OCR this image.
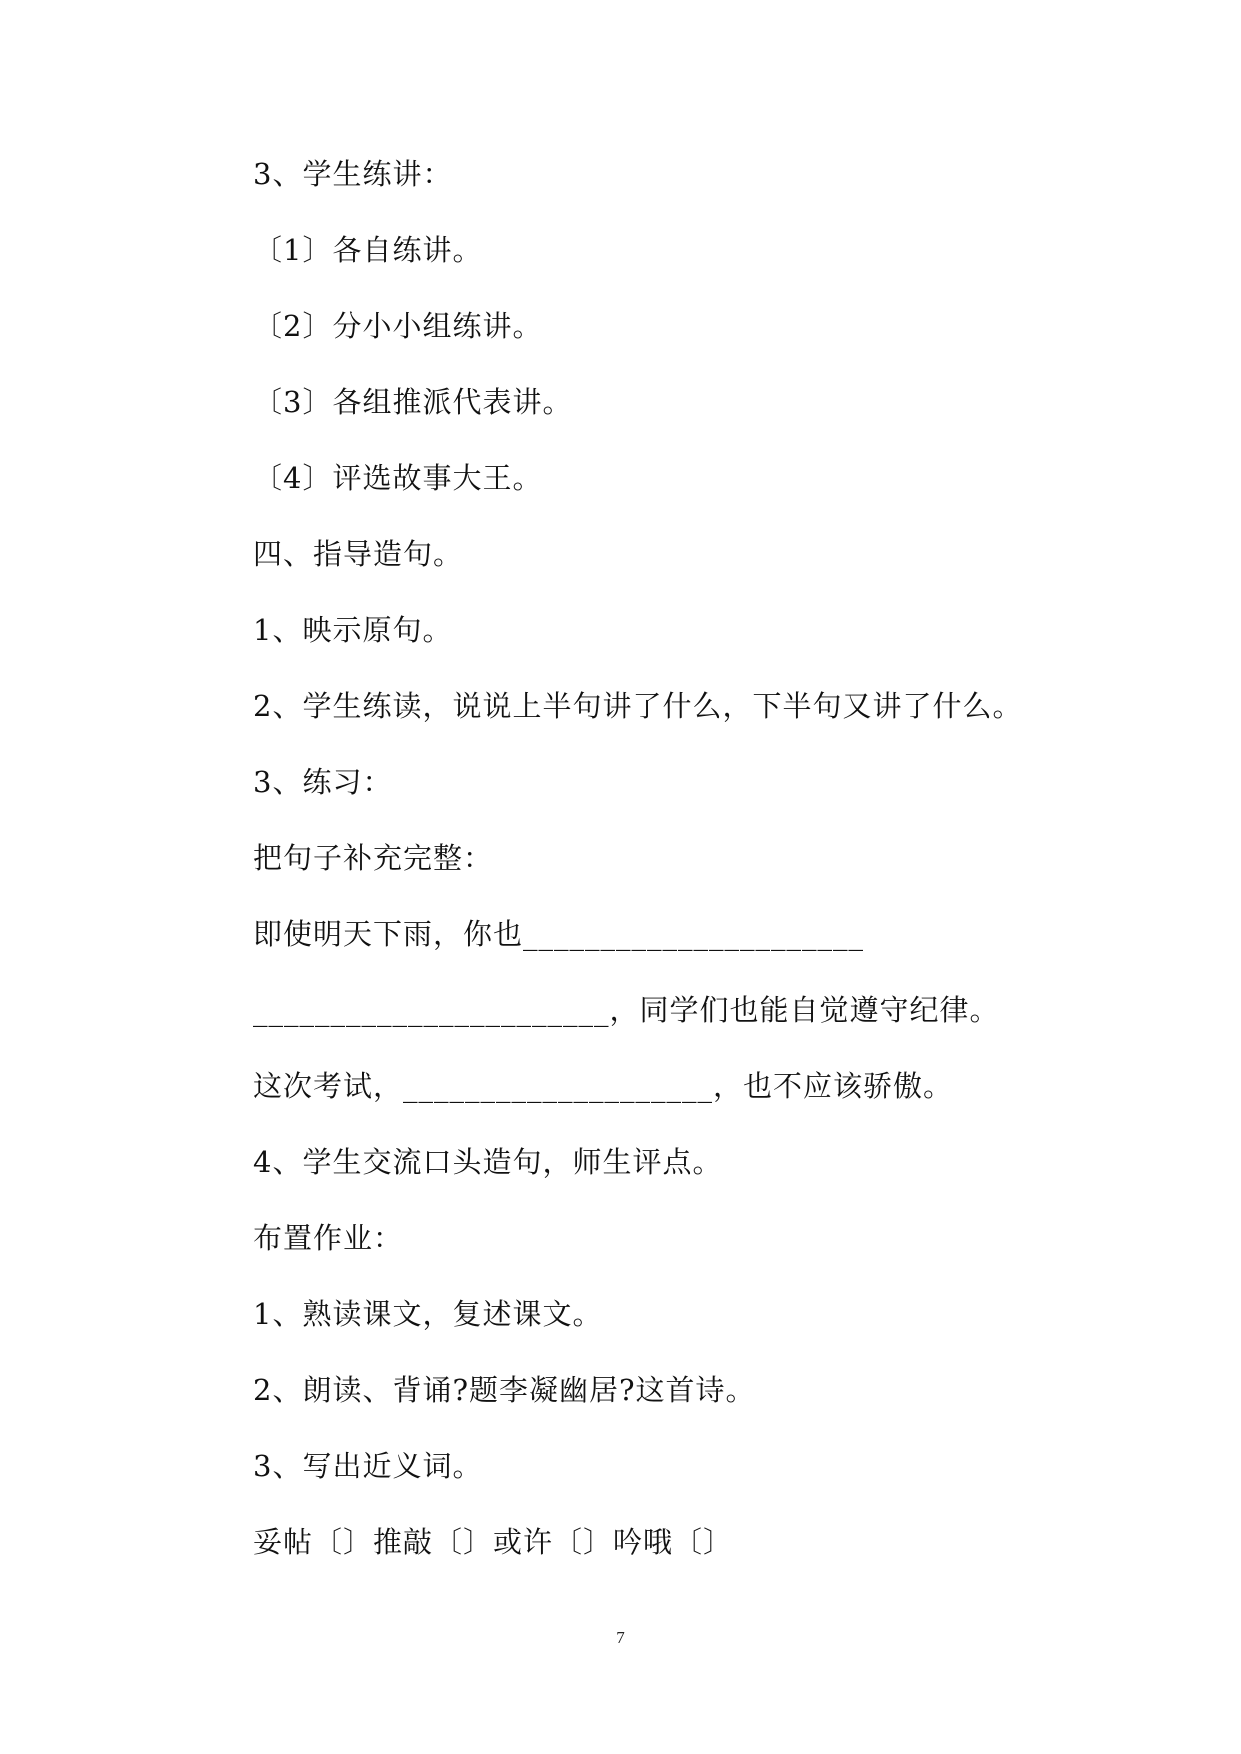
3、学生练讲：
〔1〕各自练讲。
〔2〕分小小组练讲。
〔3〕各组推派代表讲。
〔4〕评选故事大王。
四、指导造句。
1、映示原句。
2、学生练读，说说上半句讲了什么，下半句又讲了什么。
3、练习：
把句子补充完整：
即使明天下雨，你也______________________
_______________________，同学们也能自觉遵守纪律。
这次考试，____________________，也不应该骄傲。
4、学生交流口头造句，师生评点。
布置作业：
1、熟读课文，复述课文。
2、朗读、背诵?题李凝幽居?这首诗。
3、写出近义词。
妥帖〔〕推敲〔〕或许〔〕吟哦〔〕
7
